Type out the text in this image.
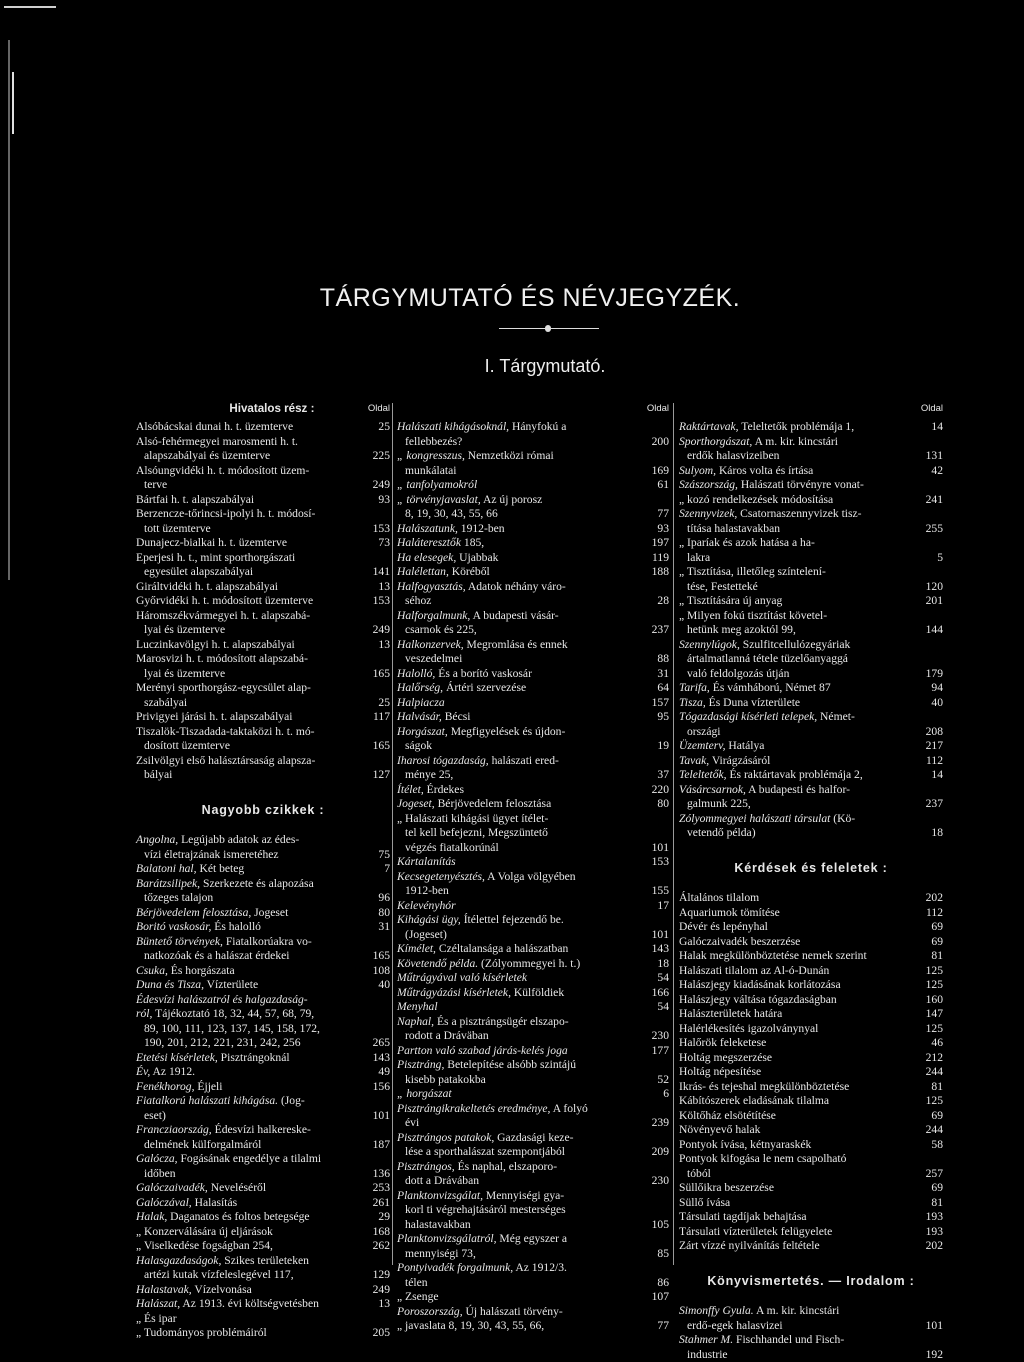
TÁRGYMUTATÓ ÉS NÉVJEGYZÉK.
I. Tárgymutató.
Hivatalos rész :	Oldal
Alsóbácskai dunai h. t. üzemterve	25
Alsó-fehérmegyei marosmenti h. t.
alapszabályai és üzemterve	225
Alsóungvidéki h. t. módosított üzem-
terve	249
Bártfai h. t. alapszabályai	93
Berzencze-tőrincsi-ipolyi h. t. módosí-
tott üzemterve	153
Dunajecz-bialkai h. t. üzemterve	73
Eperjesi h. t., mint sporthorgászati
egyesület alapszabályai	141
Giráltvidéki h. t. alapszabályai	13
Győrvidéki h. t. módosított üzemterve	153
Háromszékvármegyei h. t. alapszabá-
lyai és üzemterve	249
Luczinkavölgyi h. t. alapszabályai	13
Marosvizi h. t. módosított alapszabá-
lyai és üzemterve	165
Merényi sporthorgász-egycsület alap-
szabályai	25
Privigyei járási h. t. alapszabályai	117
Tiszalök-Tiszadada-taktaközi h. t. mó-
dosított üzemterve	165
Zsilvölgyi első halásztársaság alapsza-
bályai	127
Nagyobb czikkek :
Angolna, Legújabb adatok az édes-
vízi életrajzának ismeretéhez	75
Balatoni hal, Két beteg	7
Barátzsilipek, Szerkezete és alapozása
tőzeges talajon	96
Bérjövedelem felosztása, Jogeset	80
Boritó vaskosár, És halolló	31
Büntető törvények, Fiatalkorúakra vo-
natkozóak és a halászat érdekei	165
Csuka, És horgászata	108
Duna és Tisza, Vízterülete	40
Édesvízi halászatról és halgazdaság-
ról, Tájékoztató 18, 32, 44, 57, 68, 79,
89, 100, 111, 123, 137, 145, 158, 172,
190, 201, 212, 221, 231, 242, 256	265
Etetési kísérletek, Pisztrángoknál	143
Év, Az 1912.	49
Fenékhorog, Éjjeli	156
Fiatalkorú halászati kihágása. (Jog-
eset)	101
Francziaország, Édesvízi halkereske-
delmének külforgalmáról	187
Galócza, Fogásának engedélye a tilalmi
időben	136
Galóczaivadék, Neveléséről	253
Galóczával, Halasítás	261
Halak, Daganatos és foltos betegsége	29
„ Konzerválására új eljárások	168
„ Viselkedése fogságban 254,	262
Halasgazdaságok, Szikes területeken
artézi kutak vízfeleslegével 117,	129
Halastavak, Vízelvonása	249
Halászat, Az 1913. évi költségvetésben	13
„ És ipar
„ Tudományos problémáiról	205
Oldal
Halászati kihágásoknál, Hányfokú a
fellebbezés?	200
„ kongresszus, Nemzetközi római
munkálatai	169
„ tanfolyamokról	61
„ törvényjavaslat, Az új porosz
8, 19, 30, 43, 55, 66	77
Halászatunk, 1912-ben	93
Haláteresztők 185,	197
Ha elesegek, Ujabbak	119
Halélettan, Köréből	188
Halfogyasztás, Adatok néhány váro-
séhoz	28
Halforgalmunk, A budapesti vásár-
csarnok és 225,	237
Halkonzervek, Megromlása és ennek
veszedelmei	88
Halolló, És a borító vaskosár	31
Halőrség, Ártéri szervezése	64
Halpiacza	157
Halvásár, Bécsi	95
Horgászat, Megfigyelések és újdon-
ságok	19
Iharosi tógazdaság, halászati ered-
ménye 25,	37
Ítélet, Érdekes	220
Jogeset, Bérjövedelem felosztása	80
„ Halászati kihágási ügyet ítélet-
tel kell befejezni, Megszüntető
végzés fiatalkorúnál	101
Kártalanítás	153
Kecsegetenyésztés, A Volga völgyében
1912-ben	155
Kelevényhór	17
Kihágási ügy, Ítélettel fejezendő be.
(Jogeset)	101
Kímélet, Czéltalansága a halászatban	143
Követendő példa. (Zólyommegyei h. t.)	18
Műtrágyával való kísérletek	54
Műtrágyázási kísérletek, Külföldiek	166
Menyhal	54
Naphal, És a pisztrángsügér elszapo-
rodott a Dráväban	230
Partton való szabad járás-kelés joga	177
Pisztráng, Betelepítése alsóbb szintájú
kisebb patakokba	52
„ horgászat	6
Pisztrángikrakeltetés eredménye, A folyó
évi	239
Pisztrángos patakok, Gazdasági keze-
lése a sporthalászat szempontjából	209
Pisztrángos, És naphal, elszaporo-
dott a Drávában	230
Planktonvizsgálat, Mennyiségi gya-
korl ti végrehajtásáról mesterséges
halastavakban	105
Planktonvizsgálatról, Még egyszer a
mennyiségi 73,	85
Pontyivadék forgalmunk, Az 1912/3.
télen	86
„ Zsenge	107
Poroszország, Új halászati törvény-
„ javaslata 8, 19, 30, 43, 55, 66,	77
Oldal
Raktártavak, Teleltetők problémája 1,	14
Sporthorgászat, A m. kir. kincstári
erdők halasvizeiben	131
Sulyom, Káros volta és írtása	42
Szászország, Halászati törvényre vonat-
„ kozó rendelkezések módosítása	241
Szennyvizek, Csatornaszennyvizek tisz-
títása halastavakban	255
„ Iparíak és azok hatása a ha-
lakra	5
„ Tisztítása, illetőleg színtelení-
tése, Festetteké	120
„ Tisztítására új anyag	201
„ Milyen fokú tisztítást követel-
hetünk meg azoktól 99,	144
Szennylúgok, Szulfitcellulózegyáriak
ártalmatlanná tétele tüzelőanyaggá
való feldolgozás útján	179
Tarifa, És vámháború, Német 87	94
Tisza, És Duna vízterülete	40
Tógazdasági kísérleti telepek, Német-
országi	208
Üzemterv, Hatálya	217
Tavak, Virágzásáról	112
Teleltetők, És raktártavak problémája 2,	14
Vásárcsarnok, A budapesti és halfor-
galmunk 225,	237
Zólyommegyei halászati társulat (Kö-
vetendő példa)	18
Kérdések és feleletek :
Általános tilalom	202
Aquariumok tömítése	112
Dévér és lepényhal	69
Galóczaivadék beszerzése	69
Halak megkülönböztetése nemek szerint	81
Halászati tilalom az Al-ó-Dunán	125
Halászjegy kiadásának korlátozása	125
Halászjegy váltása tógazdaságban	160
Halászterületek határa	147
Halérlékesítés igazolványnyal	125
Halőrök feleketese	46
Holtág megszerzése	212
Holtág népesítése	244
Ikrás- és tejeshal megkülönböztetése	81
Kábítószerek eladásának tilalma	125
Költőház elsötétítése	69
Növényevő halak	244
Pontyok ívása, kétnyaraskék	58
Pontyok kifogása le nem csapolható
tóból	257
Süllőikra beszerzése	69
Süllő ívása	81
Társulati tagdíjak behajtása	193
Társulati vízterületek felügyelete	193
Zárt vízzé nyilvánítás feltétele	202
Könyvismertetés. — Irodalom :
Simonffy Gyula. A m. kir. kincstári
erdő-egek halasvizei	101
Stahmer M. Fischhandel und Fisch-
industrie	192
